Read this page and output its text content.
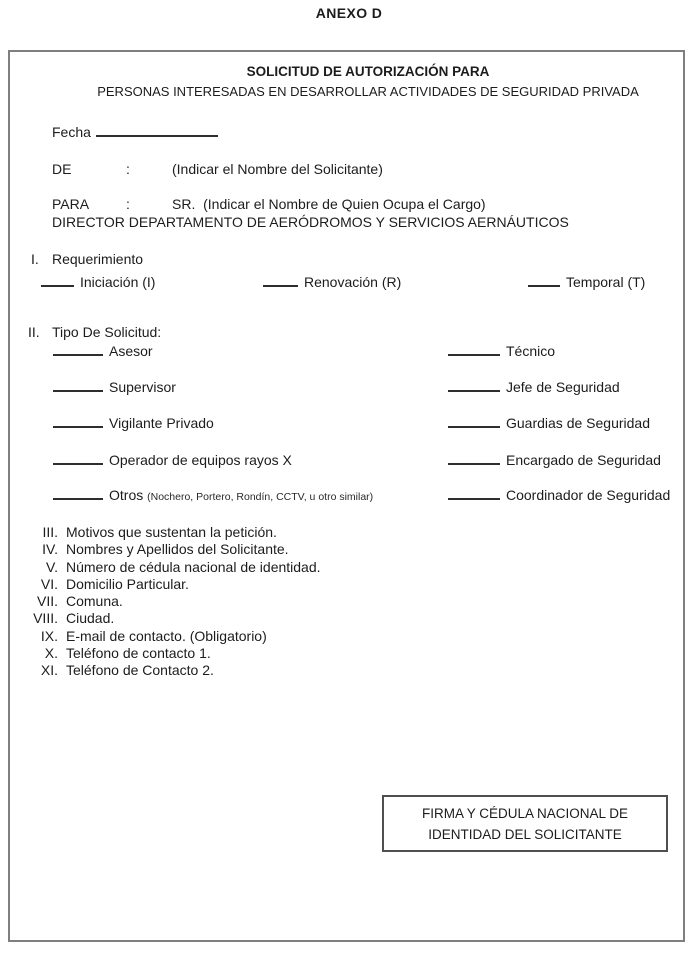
ANEXO D
SOLICITUD DE AUTORIZACIÓN PARA
PERSONAS INTERESADAS EN DESARROLLAR ACTIVIDADES DE SEGURIDAD PRIVADA
Fecha
DE	:	(Indicar el Nombre del Solicitante)
PARA	:	SR.  (Indicar el Nombre de Quien Ocupa el Cargo)
DIRECTOR DEPARTAMENTO DE AERÓDROMOS Y SERVICIOS AERNÁUTICOS
I. Requerimiento
Iniciación (I)	Renovación (R)	Temporal (T)
II. Tipo De Solicitud:
Asesor	Técnico
Supervisor	Jefe de Seguridad
Vigilante Privado	Guardias de Seguridad
Operador de equipos rayos X	Encargado de Seguridad
Otros (Nochero, Portero, Rondín, CCTV, u otro similar)	Coordinador de Seguridad
III. Motivos que sustentan la petición.
IV. Nombres y Apellidos del Solicitante.
V. Número de cédula nacional de identidad.
VI. Domicilio Particular.
VII. Comuna.
VIII. Ciudad.
IX. E-mail de contacto. (Obligatorio)
X. Teléfono de contacto 1.
XI. Teléfono de Contacto 2.
FIRMA Y CÉDULA NACIONAL DE
IDENTIDAD DEL SOLICITANTE
